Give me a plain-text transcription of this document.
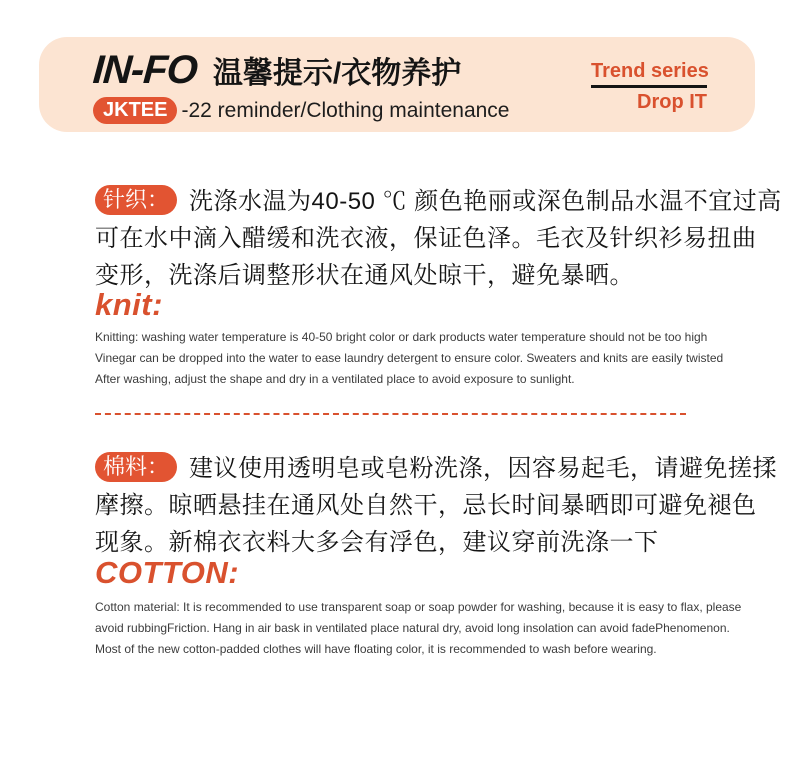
IN-FO 温馨提示/衣物养护
JKTEE -22 reminder/Clothing maintenance
Trend series
Drop IT
针织： 洗涤水温为40-50 ℃ 颜色艳丽或深色制品水温不宜过高
可在水中滴入醋缓和洗衣液，保证色泽。毛衣及针织衫易扭曲
变形，洗涤后调整形状在通风处晾干，避免暴晒。
knit:
Knitting: washing water temperature is 40-50 bright color or dark products water temperature should not be too high
Vinegar can be dropped into the water to ease laundry detergent to ensure color. Sweaters and knits are easily twisted
After washing, adjust the shape and dry in a ventilated place to avoid exposure to sunlight.
棉料： 建议使用透明皂或皂粉洗涤，因容易起毛，请避免搓揉
摩擦。晾晒悬挂在通风处自然干，忌长时间暴晒即可避免褪色
现象。新棉衣衣料大多会有浮色，建议穿前洗涤一下
COTTON:
Cotton material: It is recommended to use transparent soap or soap powder for washing, because it is easy to flax, please
avoid rubbingFriction. Hang in air bask in ventilated place natural dry, avoid long insolation can avoid fadePhenomenon.
Most of the new cotton-padded clothes will have floating color, it is recommended to wash before wearing.
